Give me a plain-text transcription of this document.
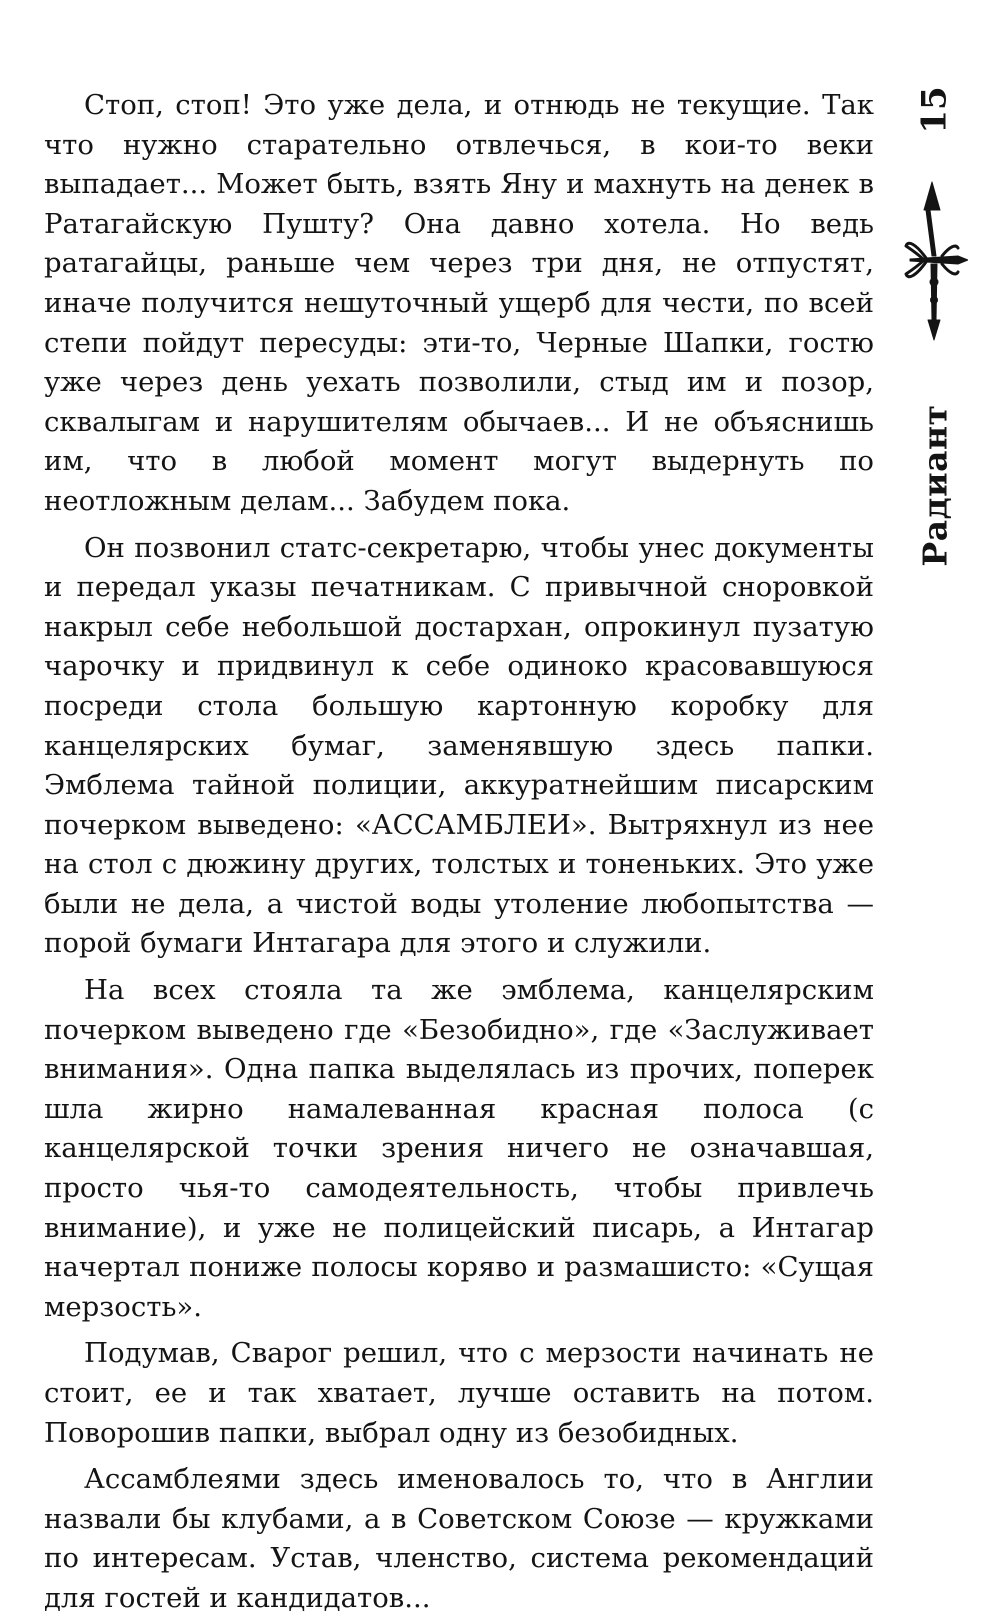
Стоп, стоп! Это уже дела, и отнюдь не текущие. Так что нужно старательно отвлечься, в кои-то веки выпадает... Может быть, взять Яну и махнуть на денек в Ратагайскую Пушту? Она давно хотела. Но ведь ратагайцы, раньше чем через три дня, не отпустят, иначе получится нешуточный ущерб для чести, по всей степи пойдут пересуды: эти-то, Черные Шапки, гостю уже через день уехать позволили, стыд им и позор, сквалыгам и нарушителям обычаев... И не объяснишь им, что в любой момент могут выдернуть по неотложным делам... Забудем пока.

Он позвонил статс-секретарю, чтобы унес документы и передал указы печатникам. С привычной сноровкой накрыл себе небольшой достархан, опрокинул пузатую чарочку и придвинул к себе одиноко красовавшуюся посреди стола большую картонную коробку для канцелярских бумаг, заменявшую здесь папки. Эмблема тайной полиции, аккуратнейшим писарским почерком выведено: «АССАМБЛЕИ». Вытряхнул из нее на стол с дюжину других, толстых и тоненьких. Это уже были не дела, а чистой воды утоление любопытства — порой бумаги Интагара для этого и служили.

На всех стояла та же эмблема, канцелярским почерком выведено где «Безобидно», где «Заслуживает внимания». Одна папка выделялась из прочих, поперек шла жирно намалеванная красная полоса (с канцелярской точки зрения ничего не означавшая, просто чья-то самодеятельность, чтобы привлечь внимание), и уже не полицейский писарь, а Интагар начертал пониже полосы коряво и размашисто: «Сущая мерзость».

Подумав, Сварог решил, что с мерзости начинать не стоит, ее и так хватает, лучше оставить на потом. Поворошив папки, выбрал одну из безобидных.

Ассамблеями здесь именовалось то, что в Англии назвали бы клубами, а в Советском Союзе — кружками по интересам. Устав, членство, система рекомендаций для гостей и кандидатов...

15
Радиант
